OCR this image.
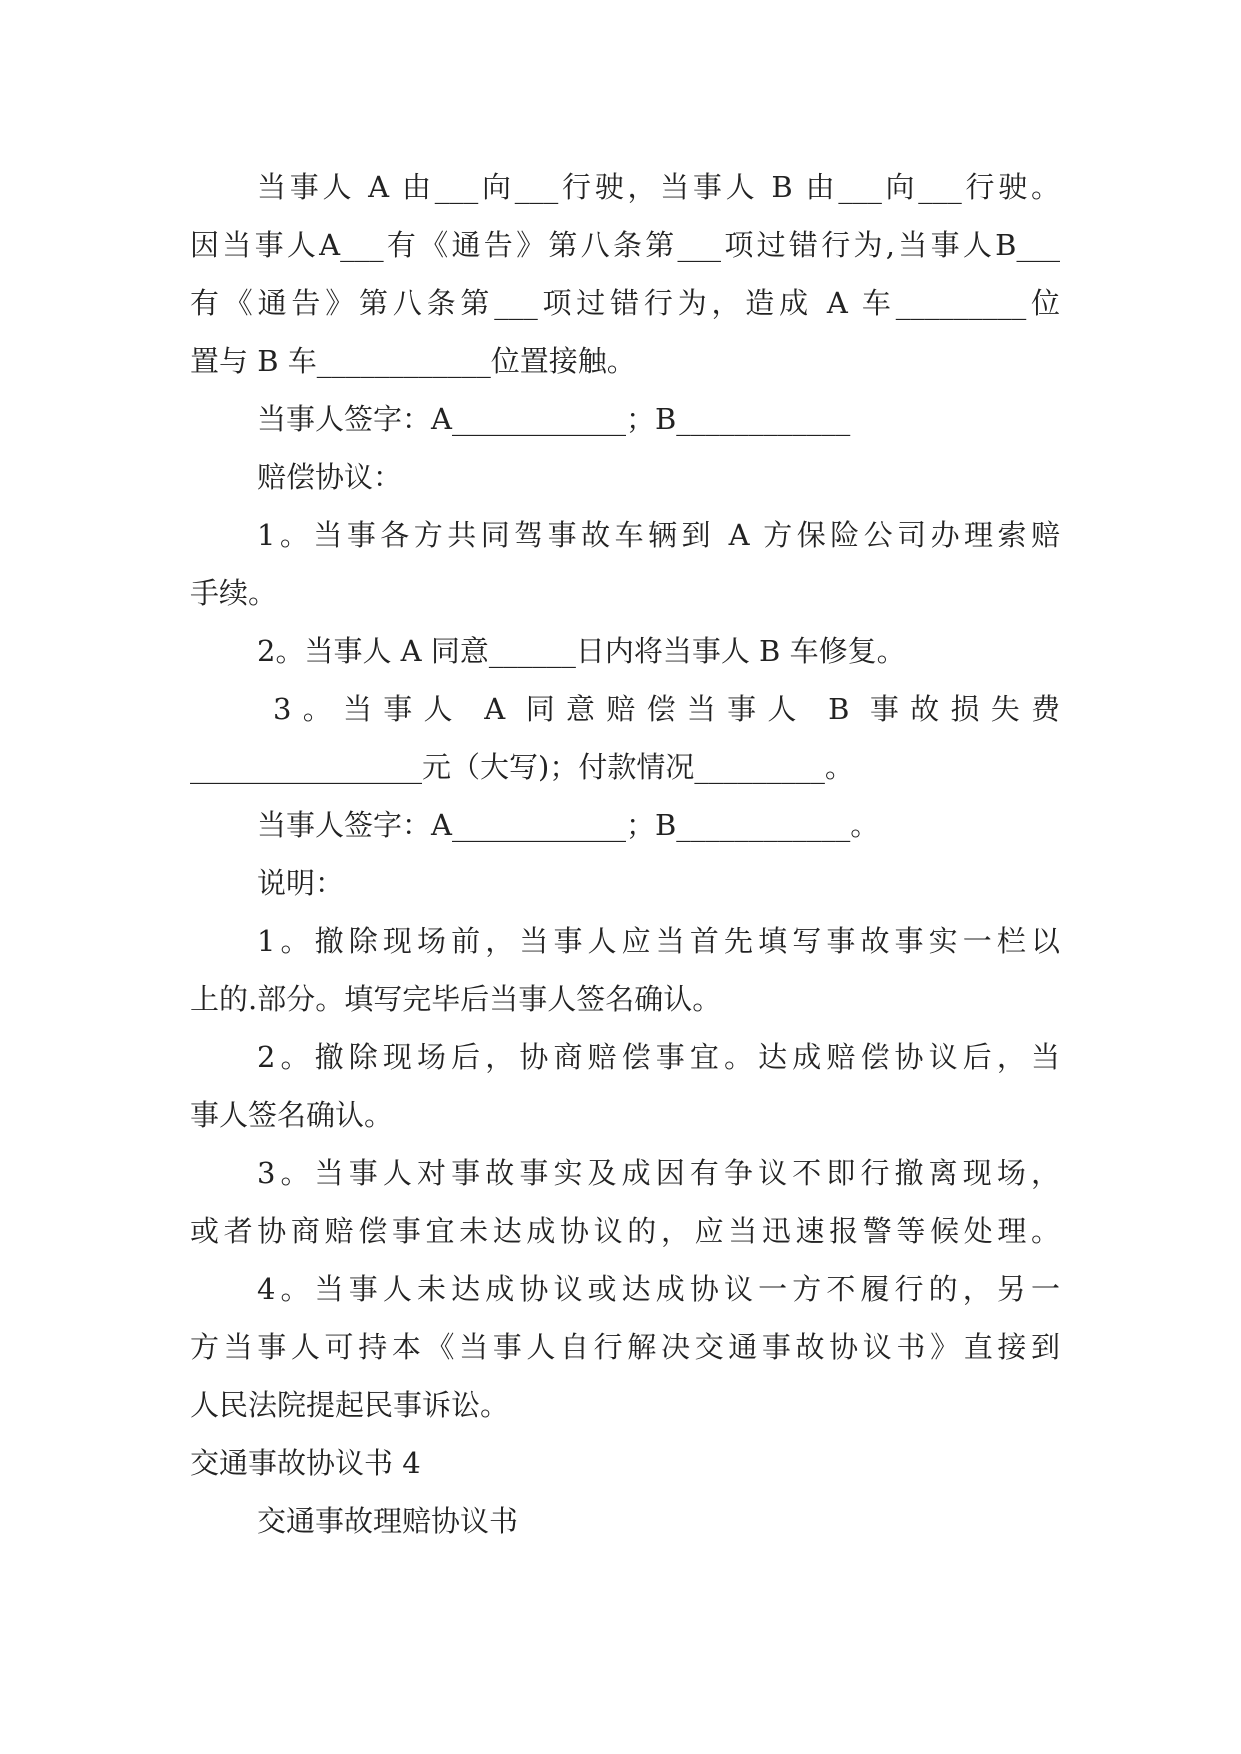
当事人 A 由___向___行驶，当事人 B 由___向___行驶。

因当事人A___有《通告》第八条第___项过错行为,当事人B___

有《通告》第八条第___项过错行为，造成 A 车_________位

置与 B 车____________位置接触。

当事人签字：A____________；B____________

赔偿协议：

1。当事各方共同驾事故车辆到 A 方保险公司办理索赔

手续。

2。当事人 A 同意______日内将当事人 B 车修复。

3。当事人 A 同意赔偿当事人 B 事故损失费

________________元（大写)；付款情况_________。

当事人签字：A____________；B____________。

说明：

1。撤除现场前，当事人应当首先填写事故事实一栏以

上的.部分。填写完毕后当事人签名确认。

2。撤除现场后，协商赔偿事宜。达成赔偿协议后，当

事人签名确认。

3。当事人对事故事实及成因有争议不即行撤离现场，

或者协商赔偿事宜未达成协议的，应当迅速报警等候处理。

4。当事人未达成协议或达成协议一方不履行的，另一

方当事人可持本《当事人自行解决交通事故协议书》直接到

人民法院提起民事诉讼。

交通事故协议书 4

交通事故理赔协议书
